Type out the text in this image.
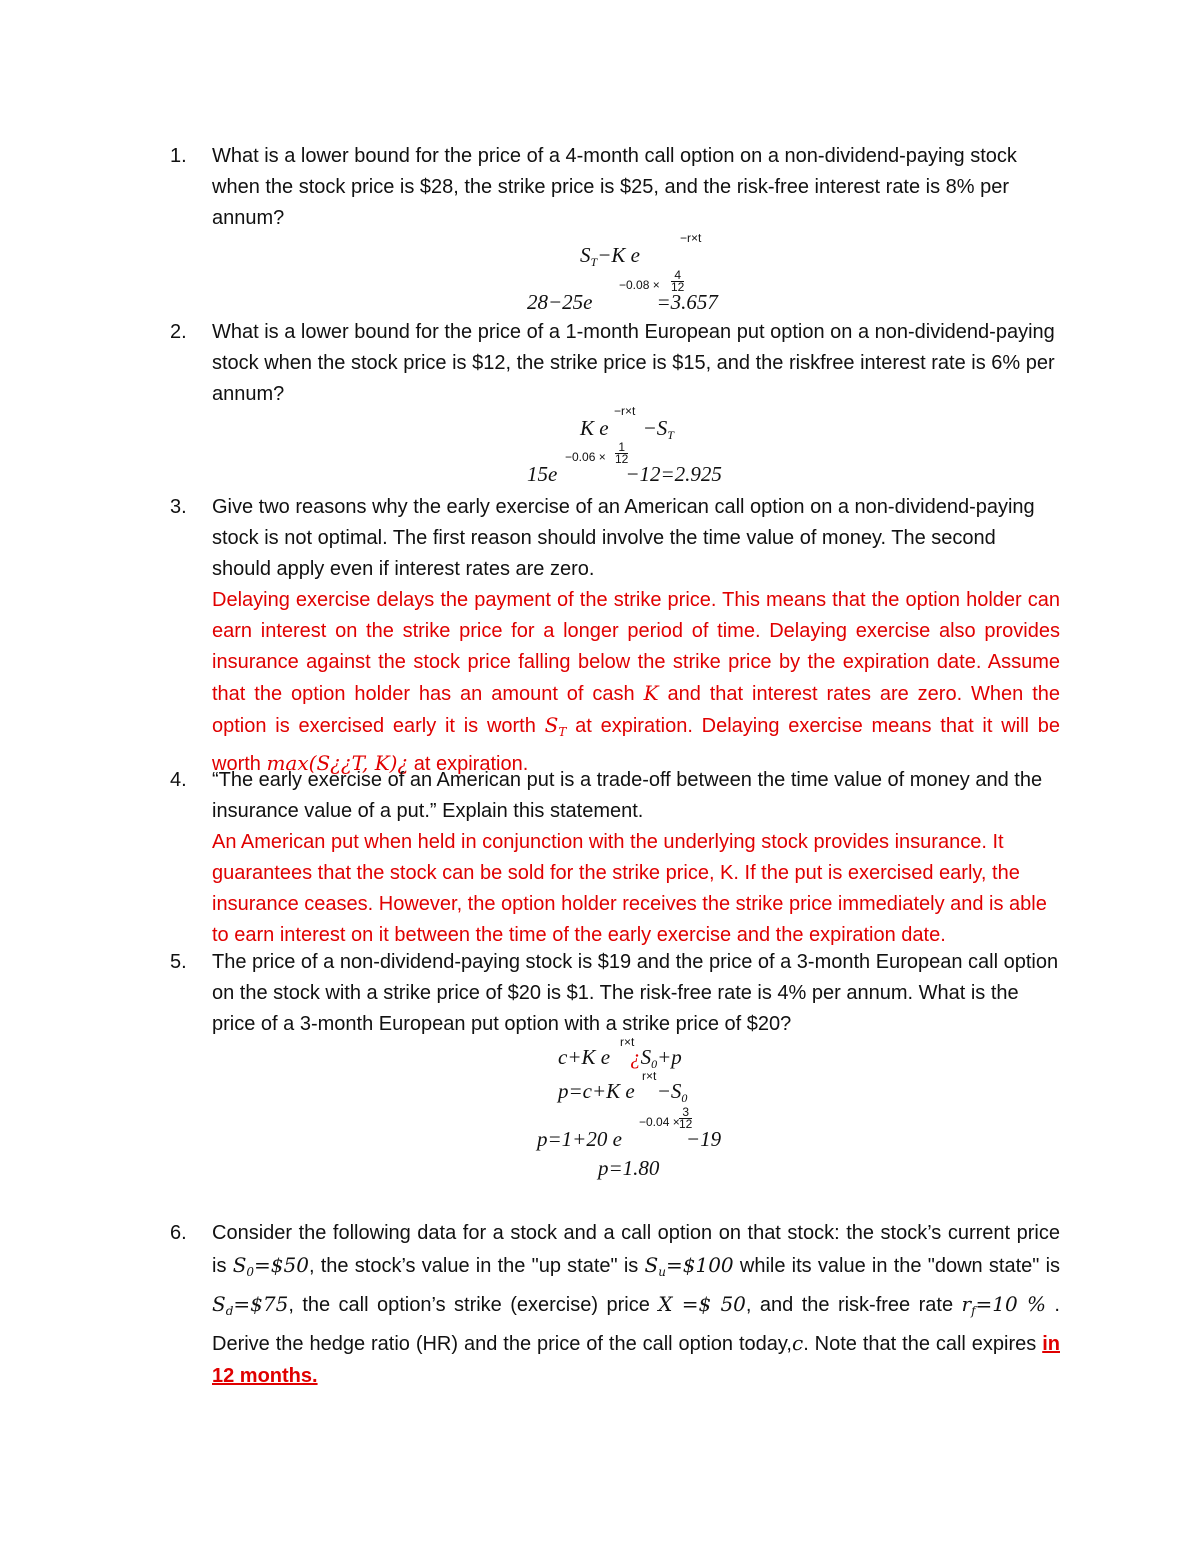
1.	What is a lower bound for the price of a 4-month call option on a non-dividend-paying stock when the stock price is $28, the strike price is $25, and the risk-free interest rate is 8% per annum?
$S_T-K$ e
−r×t
28−25e	=3.657
$-0.08 \times \frac{4}{12}$
2.	What is a lower bound for the price of a 1-month European put option on a non-dividend-paying stock when the stock price is $12, the strike price is $15, and the riskfree interest rate is 6% per annum?
K $e -S_T$
−r×t
15e	−12=2.925
$-0.06 \times \frac{1}{12}$
3.	Give two reasons why the early exercise of an American call option on a non-dividend-paying stock is not optimal. The first reason should involve the time value of money. The second should apply even if interest rates are zero.
Delaying exercise delays the payment of the strike price. This means that the option holder can earn interest on the strike price for a longer period of time. Delaying exercise also provides insurance against the stock price falling below the strike price by the expiration date. Assume that the option holder has an amount of cash K and that interest rates are zero. When the option is exercised early it is worth $S_T$ at expiration. Delaying exercise means that it will be worth max(S¿¿T, K)¿ at expiration.
4.	“The early exercise of an American put is a trade-off between the time value of money and the insurance value of a put.” Explain this statement.
An American put when held in conjunction with the underlying stock provides insurance. It guarantees that the stock can be sold for the strike price, K. If the put is exercised early, the insurance ceases. However, the option holder receives the strike price immediately and is able to earn interest on it between the time of the early exercise and the expiration date.
5.	The price of a non-dividend-paying stock is $19 and the price of a 3-month European call option on the stock with a strike price of $20 is $1. The risk-free rate is 4% per annum. What is the price of a 3-month European put option with a strike price of $20?
c+K e ¿$S_0+p$
r×t
p=c+K $e -S_0$
r×t
p=1+20 e	−19
$-0.04 \times \frac{3}{12}$
p=1.80
6.	Consider the following data for a stock and a call option on that stock: the stock’s current price is $S_0=\$50$, the stock’s value in the "up state" is $S_u=\$100$ while its value in the "down state" is $S_d=\$75$, the call option’s strike (exercise) price X =$ 50, and the risk-free rate $r_f=10$ % . Derive the hedge ratio (HR) and the price of the call option today,c. Note that the call expires in 12 months.
